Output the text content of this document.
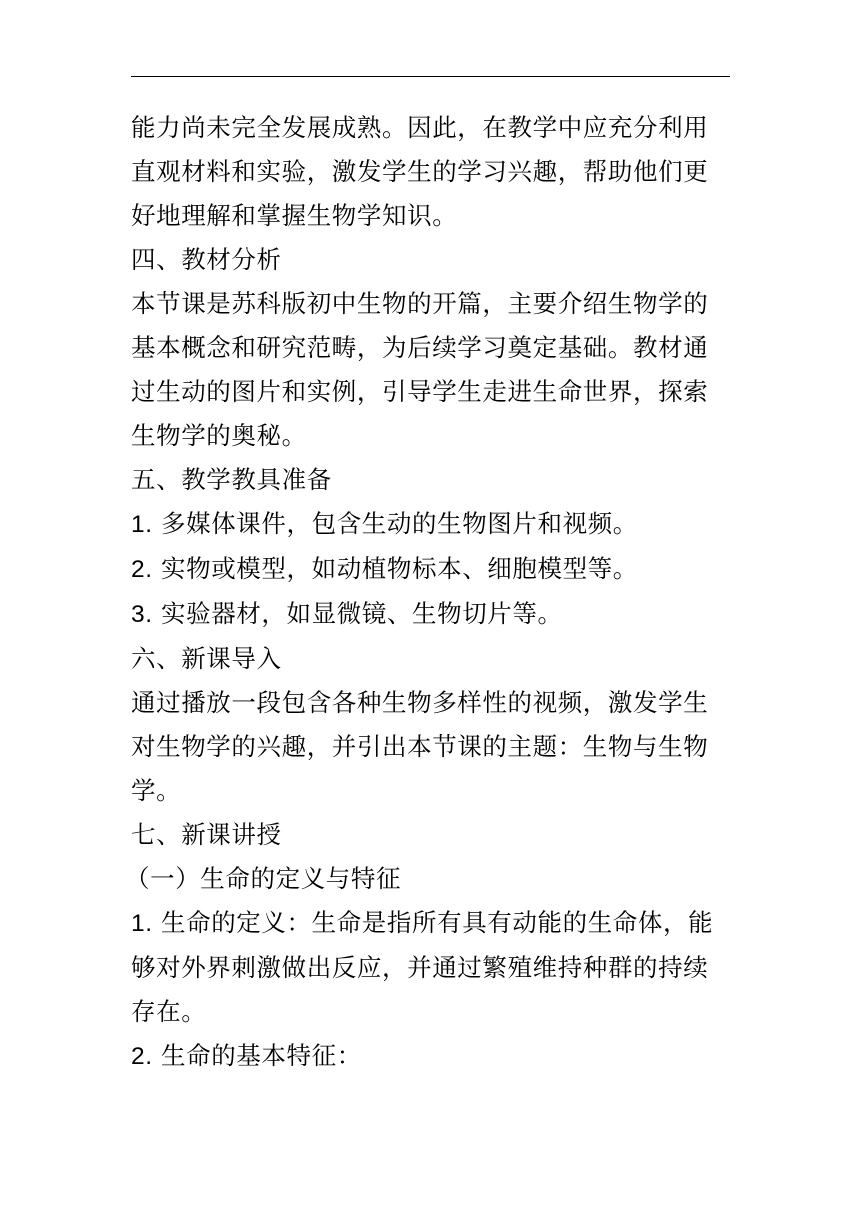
能力尚未完全发展成熟。因此，在教学中应充分利用

直观材料和实验，激发学生的学习兴趣，帮助他们更

好地理解和掌握生物学知识。

四、教材分析

本节课是苏科版初中生物的开篇，主要介绍生物学的

基本概念和研究范畴，为后续学习奠定基础。教材通

过生动的图片和实例，引导学生走进生命世界，探索

生物学的奥秘。

五、教学教具准备

1. 多媒体课件，包含生动的生物图片和视频。

2. 实物或模型，如动植物标本、细胞模型等。

3. 实验器材，如显微镜、生物切片等。

六、新课导入

通过播放一段包含各种生物多样性的视频，激发学生

对生物学的兴趣，并引出本节课的主题：生物与生物

学。

七、新课讲授

（一）生命的定义与特征

1. 生命的定义：生命是指所有具有动能的生命体，能

够对外界刺激做出反应，并通过繁殖维持种群的持续

存在。

2. 生命的基本特征：
